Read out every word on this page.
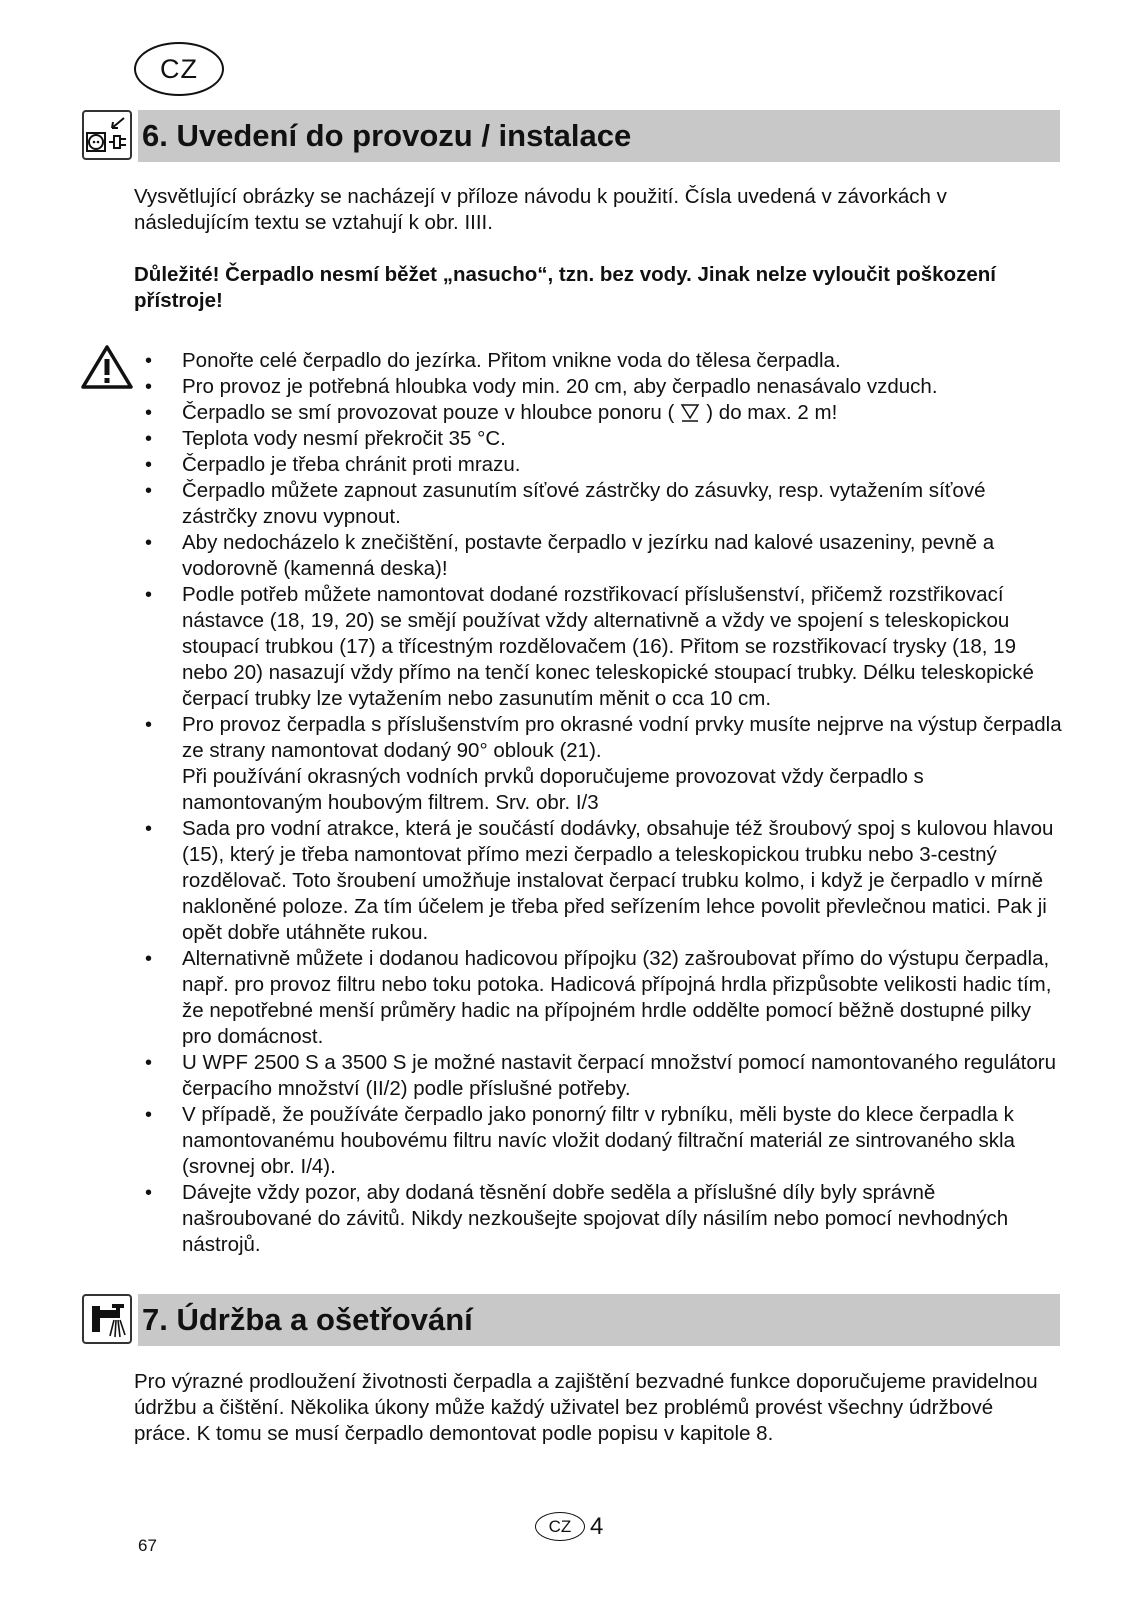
CZ
6. Uvedení do provozu / instalace
Vysvětlující obrázky se nacházejí v příloze návodu k použití. Čísla uvedená v závorkách v následujícím textu se vztahují k obr. IIII.
Důležité! Čerpadlo nesmí běžet „nasucho“, tzn. bez vody. Jinak nelze vyloučit poškození přístroje!
• Ponořte celé čerpadlo do jezírka. Přitom vnikne voda do tělesa čerpadla.
• Pro provoz je potřebná hloubka vody min. 20 cm, aby čerpadlo nenasávalo vzduch.
• Čerpadlo se smí provozovat pouze v hloubce ponoru ( ) do max. 2 m!
• Teplota vody nesmí překročit 35 °C.
• Čerpadlo je třeba chránit proti mrazu.
• Čerpadlo můžete zapnout zasunutím síťové zástrčky do zásuvky, resp. vytažením síťové zástrčky znovu vypnout.
• Aby nedocházelo k znečištění, postavte čerpadlo v jezírku nad kalové usazeniny, pevně a vodorovně (kamenná deska)!
• Podle potřeb můžete namontovat dodané rozstřikovací příslušenství, přičemž rozstřikovací nástavce (18, 19, 20) se smějí používat vždy alternativně a vždy ve spojení s teleskopickou stoupací trubkou (17) a třícestným rozdělovačem (16). Přitom se rozstřikovací trysky (18, 19 nebo 20) nasazují vždy přímo na tenčí konec teleskopické stoupací trubky. Délku teleskopické čerpací trubky lze vytažením nebo zasunutím měnit o cca 10 cm.
• Pro provoz čerpadla s příslušenstvím pro okrasné vodní prvky musíte nejprve na výstup čerpadla ze strany namontovat dodaný 90° oblouk (21).
Při používání okrasných vodních prvků doporučujeme provozovat vždy čerpadlo s namontovaným houbovým filtrem. Srv. obr. I/3
• Sada pro vodní atrakce, která je součástí dodávky, obsahuje též šroubový spoj s kulovou hlavou (15), který je třeba namontovat přímo mezi čerpadlo a teleskopickou trubku nebo 3-cestný rozdělovač. Toto šroubení umožňuje instalovat čerpací trubku kolmo, i když je čerpadlo v mírně nakloněné poloze. Za tím účelem je třeba před seřízením lehce povolit převlečnou matici. Pak ji opět dobře utáhněte rukou.
• Alternativně můžete i dodanou hadicovou přípojku (32) zašroubovat přímo do výstupu čerpadla, např. pro provoz filtru nebo toku potoka. Hadicová přípojná hrdla přizpůsobte velikosti hadic tím, že nepotřebné menší průměry hadic na přípojném hrdle oddělte pomocí běžně dostupné pilky pro domácnost.
• U WPF 2500 S a 3500 S je možné nastavit čerpací množství pomocí namontovaného regulátoru čerpacího množství (II/2) podle příslušné potřeby.
• V případě, že používáte čerpadlo jako ponorný filtr v rybníku, měli byste do klece čerpadla k namontovanému houbovému filtru navíc vložit dodaný filtrační materiál ze sintrovaného skla (srovnej obr. I/4).
• Dávejte vždy pozor, aby dodaná těsnění dobře seděla a příslušné díly byly správně našroubované do závitů. Nikdy nezkoušejte spojovat díly násilím nebo pomocí nevhodných nástrojů.
7. Údržba a ošetřování
Pro výrazné prodloužení životnosti čerpadla a zajištění bezvadné funkce doporučujeme pravidelnou údržbu a čištění. Několika úkony může každý uživatel bez problémů provést všechny údržbové práce. K tomu se musí čerpadlo demontovat podle popisu v kapitole 8.
67
CZ 4
